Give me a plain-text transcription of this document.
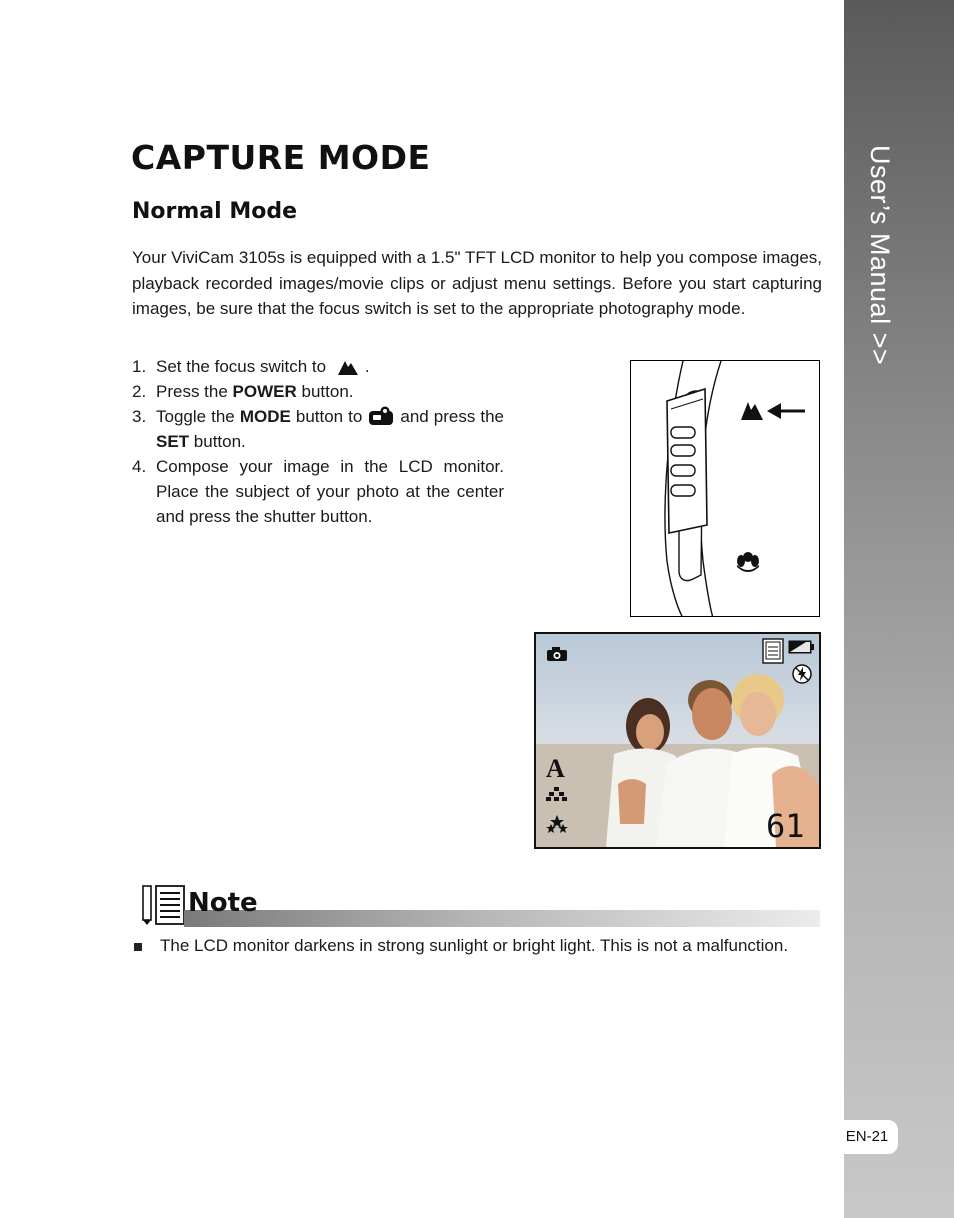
User’s Manual >>
EN-21
CAPTURE MODE
Normal Mode

Your ViviCam 3105s is equipped with a 1.5" TFT LCD monitor to help you compose images, playback recorded images/movie clips or adjust menu settings. Before you start capturing images, be sure that the focus switch is set to the appropriate photography mode.

1. Set the focus switch to .
2. Press the POWER button.
3. Toggle the MODE button to and press the SET button.
4. Compose your image in the LCD monitor. Place the subject of your photo at the center and press the shutter button.
A
61
Note
The LCD monitor darkens in strong sunlight or bright light. This is not a malfunction.
